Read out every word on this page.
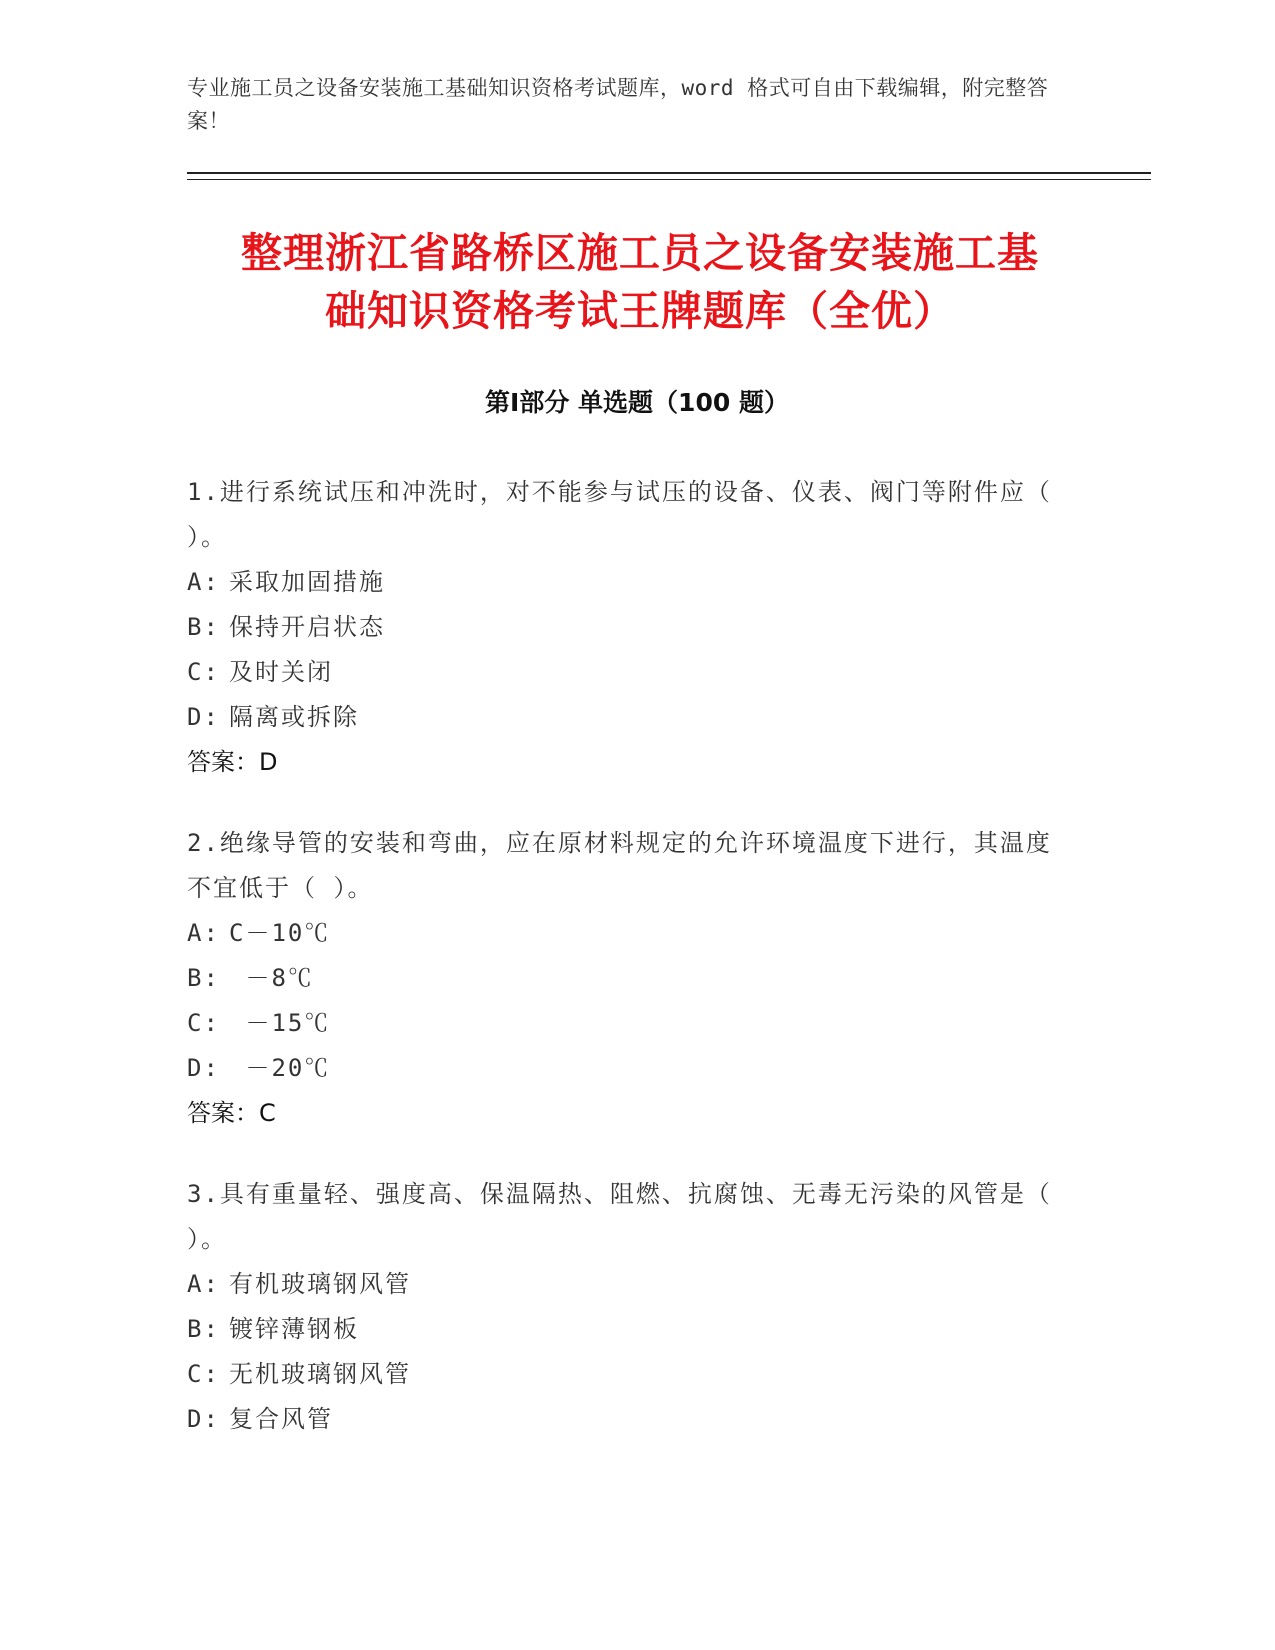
专业施工员之设备安装施工基础知识资格考试题库，word 格式可自由下载编辑，附完整答案！
整理浙江省路桥区施工员之设备安装施工基
础知识资格考试王牌题库（全优）
第Ⅰ部分 单选题（100 题）
1.进行系统试压和冲洗时，对不能参与试压的设备、仪表、阀门等附件应（ ）。
A: 采取加固措施
B: 保持开启状态
C: 及时关闭
D: 隔离或拆除
答案：D
2.绝缘导管的安装和弯曲，应在原材料规定的允许环境温度下进行，其温度不宜低于（ ）。
A: C－10℃
B: －8℃
C: －15℃
D: －20℃
答案：C
3.具有重量轻、强度高、保温隔热、阻燃、抗腐蚀、无毒无污染的风管是（ ）。
A: 有机玻璃钢风管
B: 镀锌薄钢板
C: 无机玻璃钢风管
D: 复合风管
